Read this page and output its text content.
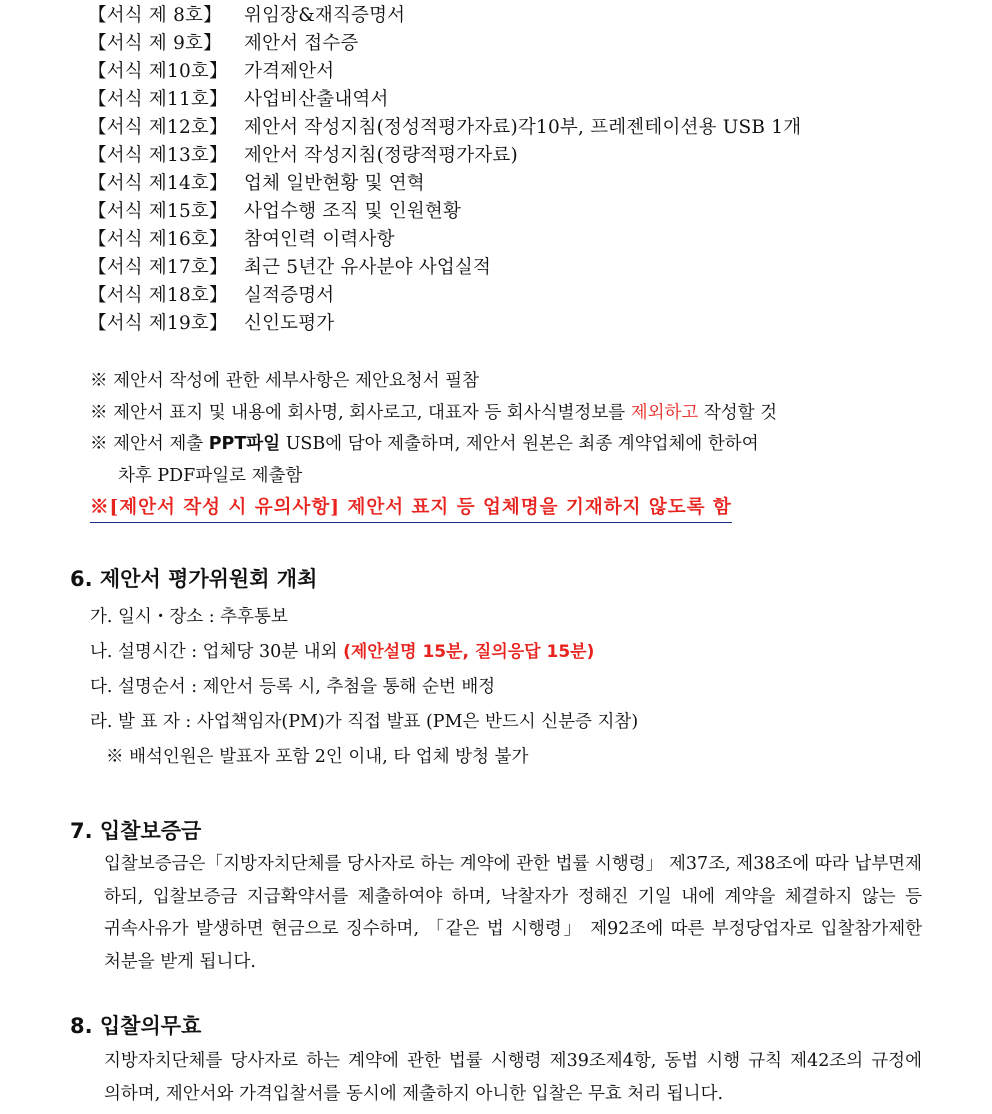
【서식 제 8호】 위임장&재직증명서
【서식 제 9호】 제안서 접수증
【서식 제10호】 가격제안서
【서식 제11호】 사업비산출내역서
【서식 제12호】 제안서 작성지침(정성적평가자료)각10부, 프레젠테이션용 USB 1개
【서식 제13호】 제안서 작성지침(정량적평가자료)
【서식 제14호】 업체 일반현황 및 연혁
【서식 제15호】 사업수행 조직 및 인원현황
【서식 제16호】 참여인력 이력사항
【서식 제17호】 최근 5년간 유사분야 사업실적
【서식 제18호】 실적증명서
【서식 제19호】 신인도평가
※ 제안서 작성에 관한 세부사항은 제안요청서 필참
※ 제안서 표지 및 내용에 회사명, 회사로고, 대표자 등 회사식별정보를 제외하고 작성할 것
※ 제안서 제출 PPT파일 USB에 담아 제출하며, 제안서 원본은 최종 계약업체에 한하여
차후 PDF파일로 제출함
※[제안서 작성 시 유의사항] 제안서 표지 등 업체명을 기재하지 않도록 함
6. 제안서 평가위원회 개최
가. 일시・장소 : 추후통보
나. 설명시간 : 업체당 30분 내외 (제안설명 15분, 질의응답 15분)
다. 설명순서 : 제안서 등록 시, 추첨을 통해 순번 배정
라. 발 표 자 : 사업책임자(PM)가 직접 발표 (PM은 반드시 신분증 지참)
※ 배석인원은 발표자 포함 2인 이내, 타 업체 방청 불가
7. 입찰보증금
입찰보증금은「지방자치단체를 당사자로 하는 계약에 관한 법률 시행령」 제37조, 제38조에 따라 납부면제 하되, 입찰보증금 지급확약서를 제출하여야 하며, 낙찰자가 정해진 기일 내에 계약을 체결하지 않는 등 귀속사유가 발생하면 현금으로 징수하며, 「같은 법 시행령」 제92조에 따른 부정당업자로 입찰참가제한 처분을 받게 됩니다.
8. 입찰의무효
지방자치단체를 당사자로 하는 계약에 관한 법률 시행령 제39조제4항, 동법 시행 규칙 제42조의 규정에 의하며, 제안서와 가격입찰서를 동시에 제출하지 아니한 입찰은 무효 처리 됩니다.
